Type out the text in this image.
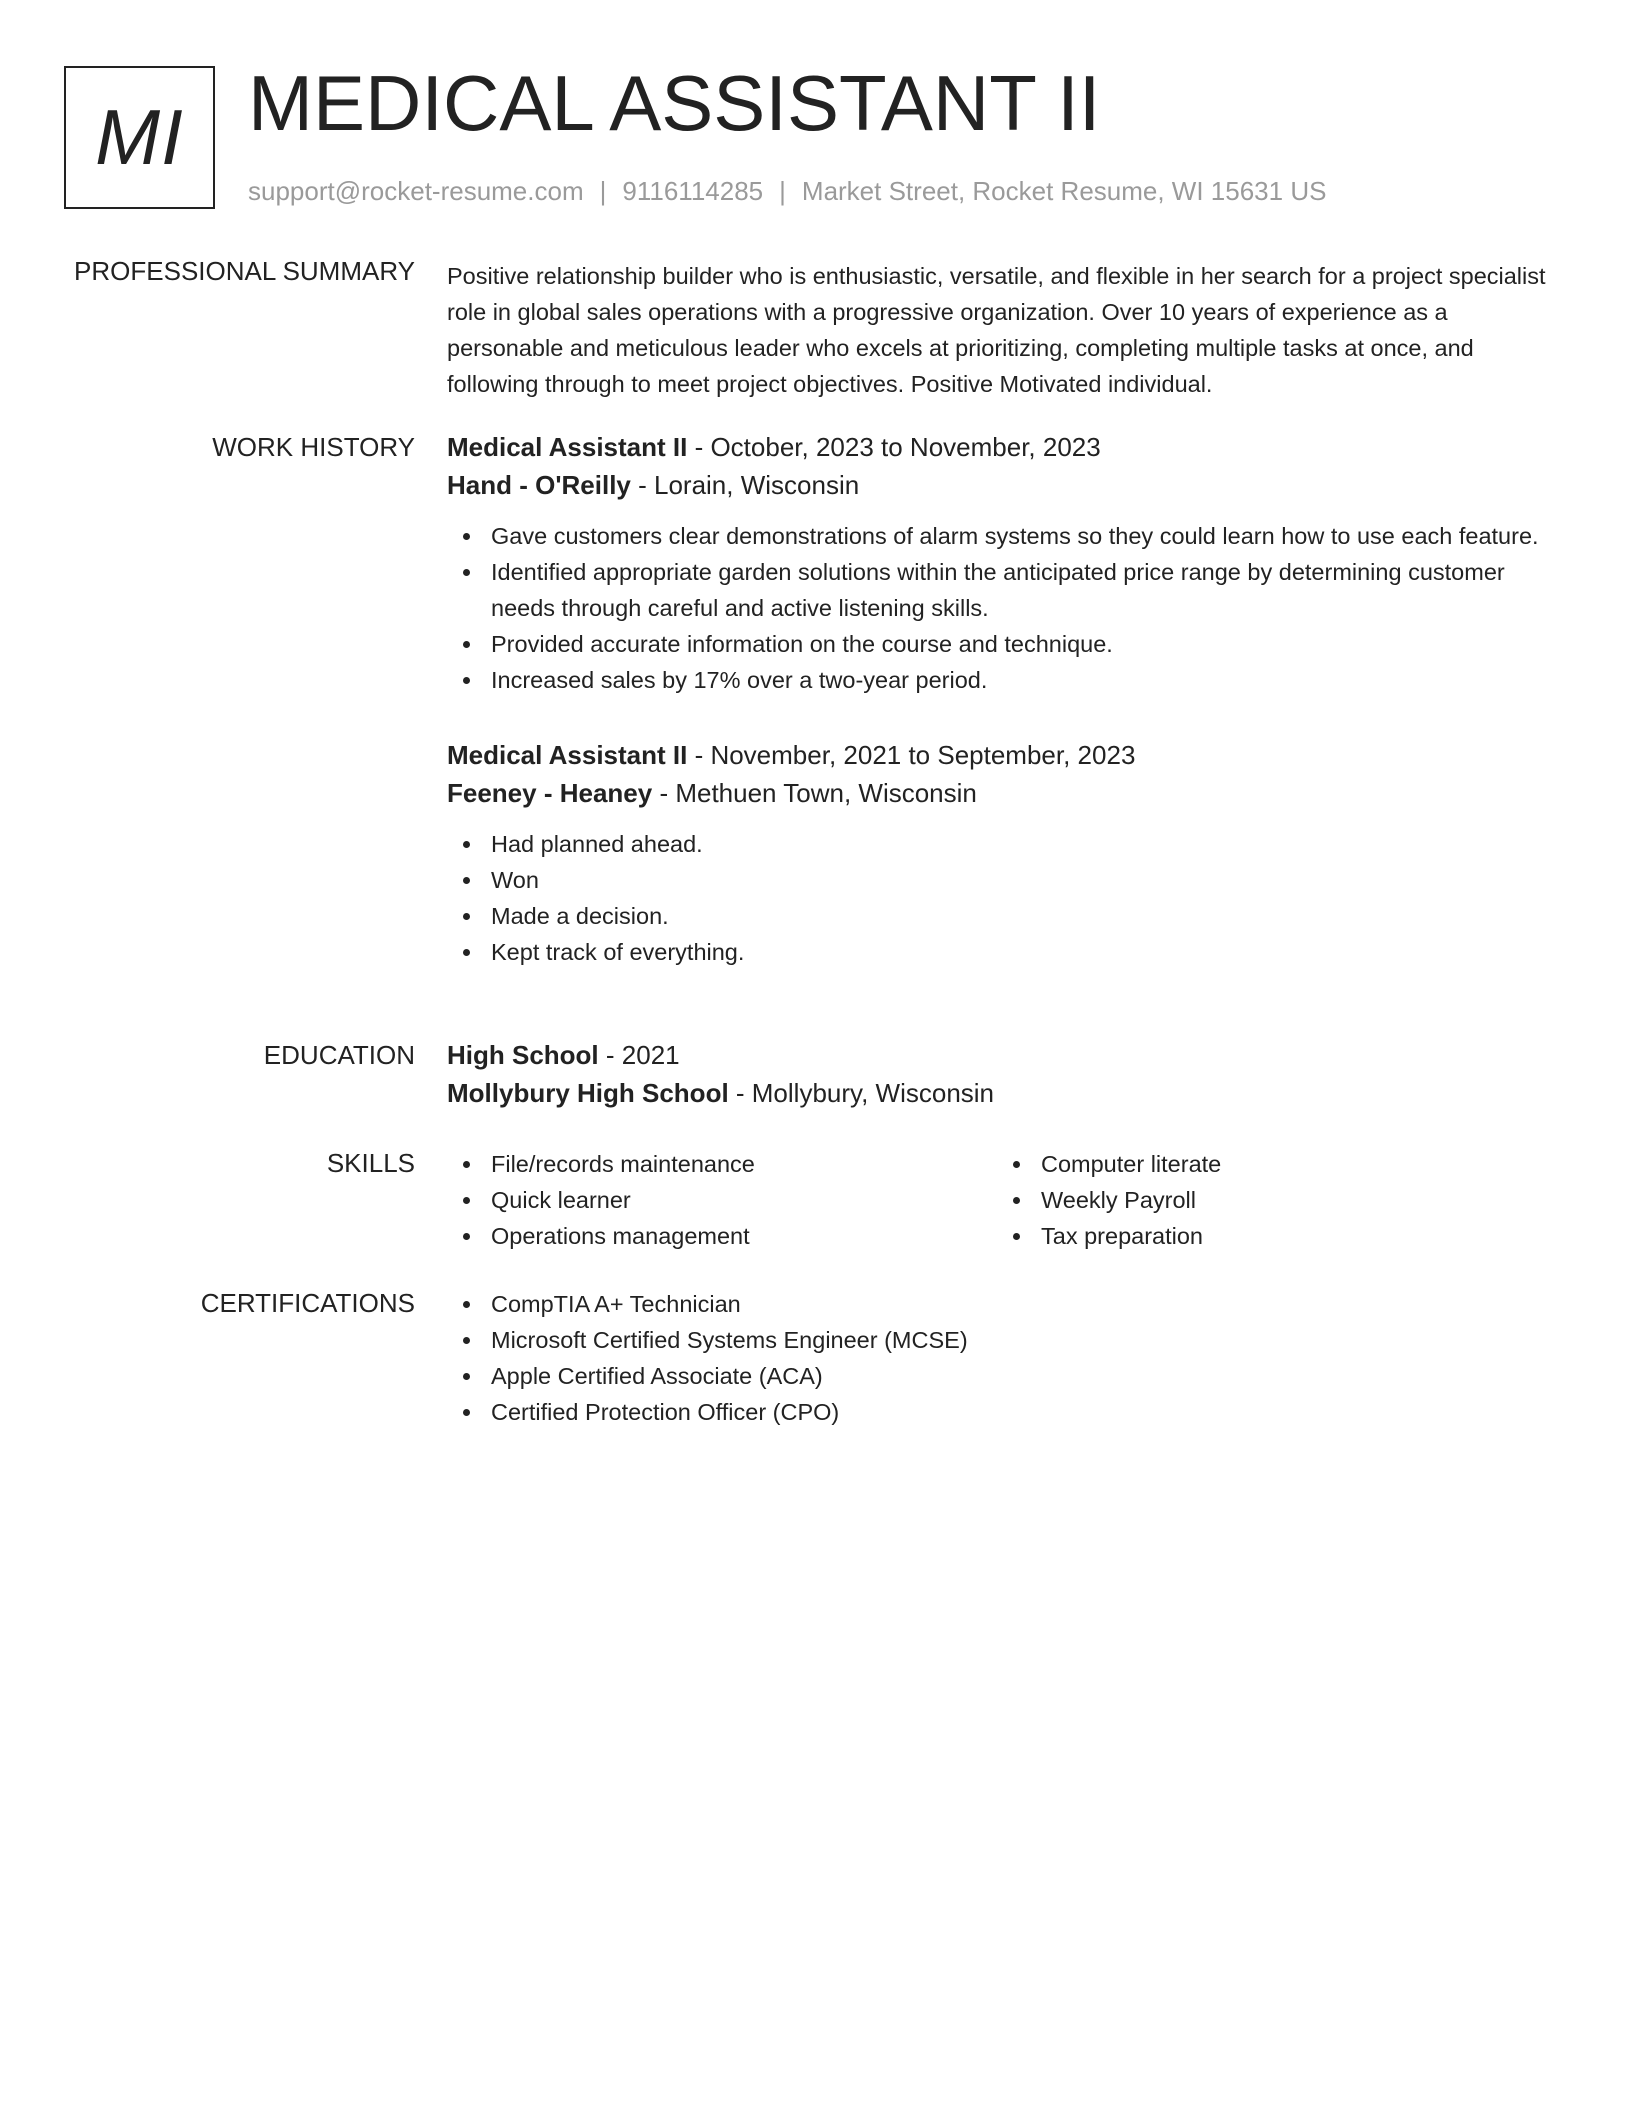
MI MEDICAL ASSISTANT II
support@rocket-resume.com | 9116114285 | Market Street, Rocket Resume, WI 15631 US
PROFESSIONAL SUMMARY Positive relationship builder who is enthusiastic, versatile, and flexible in her search for a project specialist role in global sales operations with a progressive organization. Over 10 years of experience as a personable and meticulous leader who excels at prioritizing, completing multiple tasks at once, and following through to meet project objectives. Positive Motivated individual.

WORK HISTORY Medical Assistant II - October, 2023 to November, 2023
Hand - O'Reilly - Lorain, Wisconsin
Gave customers clear demonstrations of alarm systems so they could learn how to use each feature.
Identified appropriate garden solutions within the anticipated price range by determining customer needs through careful and active listening skills.
Provided accurate information on the course and technique.
Increased sales by 17% over a two-year period.
Medical Assistant II - November, 2021 to September, 2023
Feeney - Heaney - Methuen Town, Wisconsin
Had planned ahead.
Won
Made a decision.
Kept track of everything.
EDUCATION High School - 2021
Mollybury High School - Mollybury, Wisconsin
SKILLS	File/records maintenance
Quick learner
Operations management
Computer literate
Weekly Payroll
Tax preparation
CERTIFICATIONS	CompTIA A+ Technician
Microsoft Certified Systems Engineer (MCSE)
Apple Certified Associate (ACA)
Certified Protection Officer (CPO)
